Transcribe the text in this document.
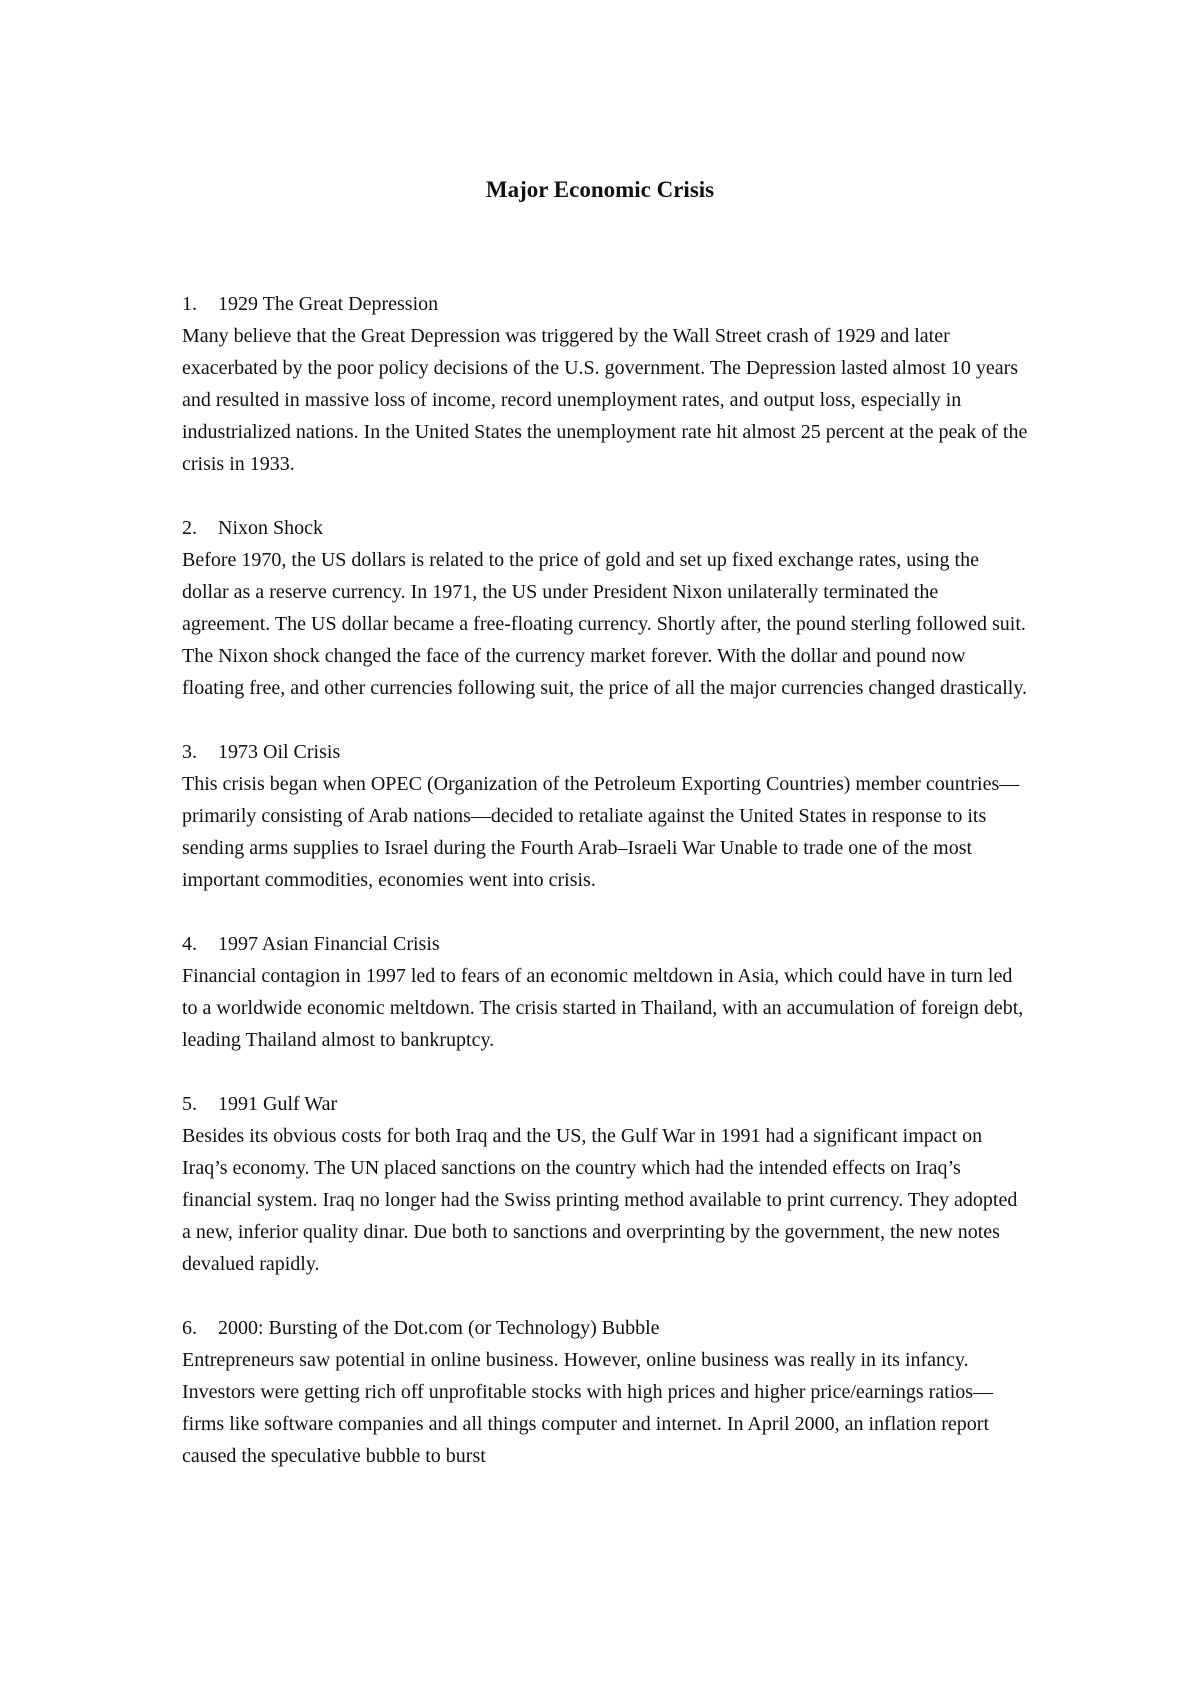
Major Economic Crisis

1. 1929 The Great Depression

Many believe that the Great Depression was triggered by the Wall Street crash of 1929 and later exacerbated by the poor policy decisions of the U.S. government. The Depression lasted almost 10 years and resulted in massive loss of income, record unemployment rates, and output loss, especially in industrialized nations. In the United States the unemployment rate hit almost 25 percent at the peak of the crisis in 1933.

2. Nixon Shock

Before 1970, the US dollars is related to the price of gold and set up fixed exchange rates, using the dollar as a reserve currency. In 1971, the US under President Nixon unilaterally terminated the agreement. The US dollar became a free-floating currency. Shortly after, the pound sterling followed suit. The Nixon shock changed the face of the currency market forever. With the dollar and pound now floating free, and other currencies following suit, the price of all the major currencies changed drastically.

3. 1973 Oil Crisis

This crisis began when OPEC (Organization of the Petroleum Exporting Countries) member countries—primarily consisting of Arab nations—decided to retaliate against the United States in response to its sending arms supplies to Israel during the Fourth Arab–Israeli War Unable to trade one of the most important commodities, economies went into crisis.

4. 1997 Asian Financial Crisis

Financial contagion in 1997 led to fears of an economic meltdown in Asia, which could have in turn led to a worldwide economic meltdown. The crisis started in Thailand, with an accumulation of foreign debt, leading Thailand almost to bankruptcy.

5. 1991 Gulf War

Besides its obvious costs for both Iraq and the US, the Gulf War in 1991 had a significant impact on Iraq’s economy. The UN placed sanctions on the country which had the intended effects on Iraq’s financial system. Iraq no longer had the Swiss printing method available to print currency. They adopted a new, inferior quality dinar. Due both to sanctions and overprinting by the government, the new notes devalued rapidly.

6. 2000: Bursting of the Dot.com (or Technology) Bubble

Entrepreneurs saw potential in online business. However, online business was really in its infancy. Investors were getting rich off unprofitable stocks with high prices and higher price/earnings ratios—firms like software companies and all things computer and internet. In April 2000, an inflation report caused the speculative bubble to burst
